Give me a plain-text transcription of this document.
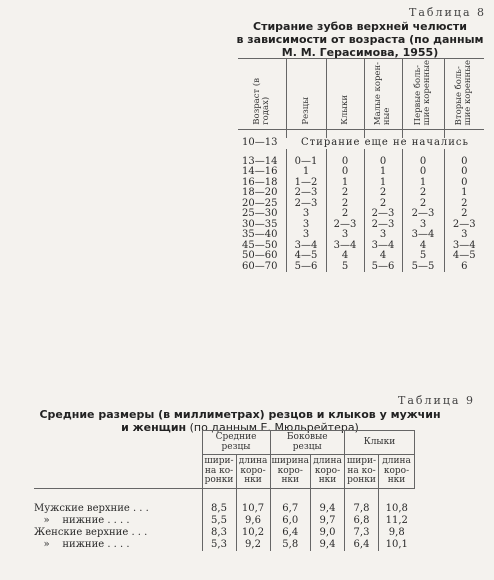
Таблица 8
Стирание зубов верхней челюсти
в зависимости от возраста (по данным
М. М. Герасимова, 1955)
Возраст (в
годах)	Резцы	Клыки	Малые корен-
ные	Первые боль-
шие коренные	Вторые боль-
шие коренные

10—13	Стирание еще не начались				

13—14	0—1	0	0	0	0
14—16	1	0	1	0	0
16—18	1—2	1	1	1	0
18—20	2—3	2	2	2	1
20—25	2—3	2	2	2	2
25—30	3	2	2—3	2—3	2
30—35	3	2—3	2—3	3	2—3
35—40	3	3	3	3—4	3
45—50	3—4	3—4	3—4	4	3—4
50—60	4—5	4	4	5	4—5
60—70	5—6	5	5—6	5—5	6
Таблица 9
Средние размеры (в миллиметрах) резцов и клыков у мужчин
и женщин (по данным Е. Мюльрейтера)
	Средние резцы		Боковые резцы		Клыки	
	шири-
на ко-
ронки	длина
коро-
нки	ширина
коро-
нки	длина
коро-
нки	шири-
на ко-
ронки	длина
коро-
нки

Мужские верхние . . .	8,5	10,7	6,7	9,4	7,8	10,8
»    нижние . . . .	5,5	9,6	6,0	9,7	6,8	11,2
Женские верхние . . .	8,3	10,2	6,4	9,0	7,3	9,8
»    нижние . . . .	5,3	9,2	5,8	9,4	6,4	10,1
